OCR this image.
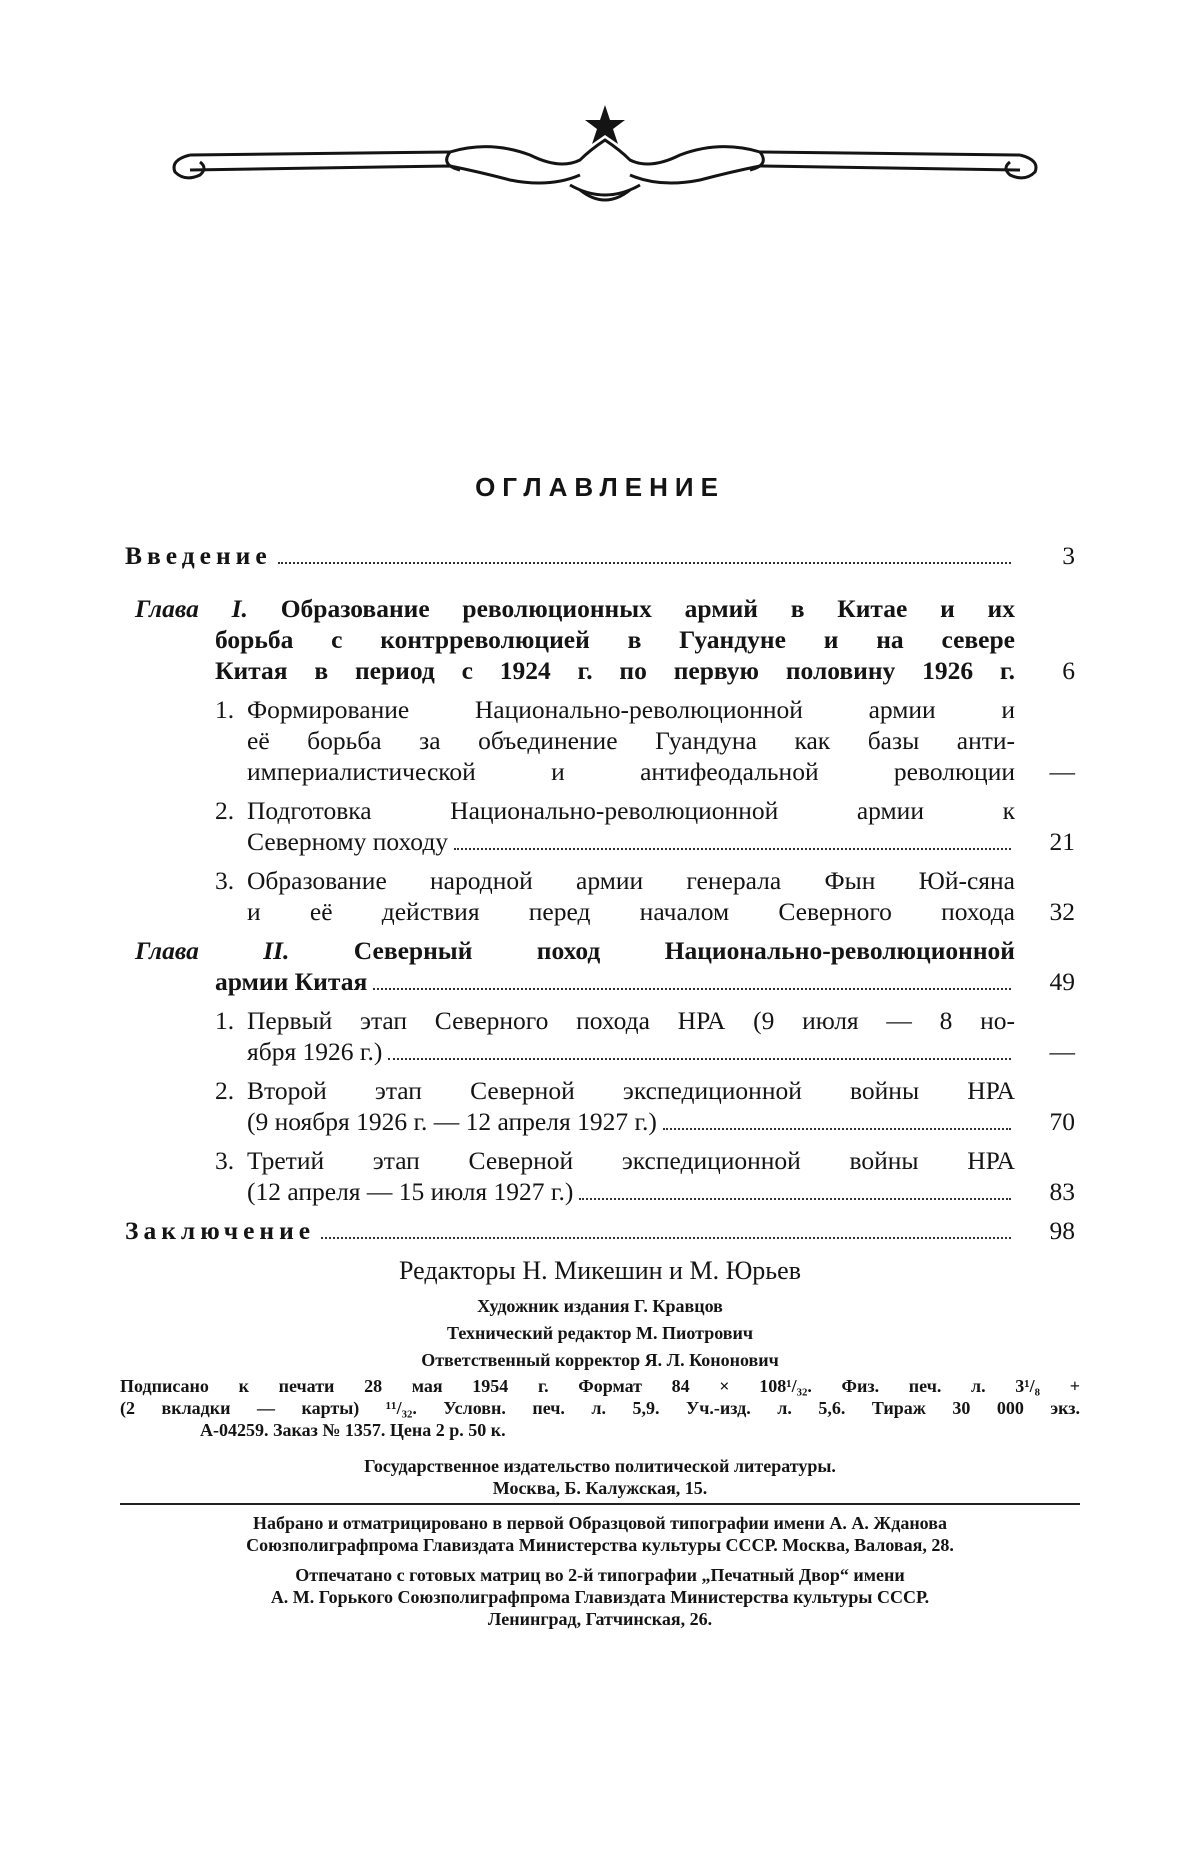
ОГЛАВЛЕНИЕ
Введение	3
Глава I. Образование революционных армий в Китае и их
борьба с контрреволюцией в Гуандуне и на севере
Китая в период с 1924 г. по первую половину 1926 г.	6
1. Формирование Национально-революционной армии и
её борьба за объединение Гуандуна как базы анти-
империалистической и антифеодальной революции	—
2. Подготовка Национально-революционной армии к
Северному походу	21
3. Образование народной армии генерала Фын Юй-сяна
и её действия перед началом Северного похода	32
Глава II.	Северный поход Национально-революционной
армии Китая	49
1. Первый этап Северного похода НРА (9 июля — 8 но-
ября 1926 г.)	—
2. Второй этап Северной экспедиционной войны НРА
(9 ноября 1926 г. — 12 апреля 1927 г.)	70
3. Третий этап Северной экспедиционной войны НРА
(12 апреля — 15 июля 1927 г.)	83
Заключение	98
Редакторы Н. Микешин и М. Юрьев
Художник издания Г. Кравцов
Технический редактор М. Пиотрович
Ответственный корректор Я. Л. Кононович
Подписано к печати 28 мая 1954 г. Формат 84 × 108¹/₃₂. Физ. печ. л. 3¹/₈ +
(2 вкладки — карты) ¹¹/₃₂. Условн. печ. л. 5,9. Уч.-изд. л. 5,6. Тираж 30 000 экз.
А-04259. Заказ № 1357. Цена 2 р. 50 к.
Государственное издательство политической литературы.
Москва, Б. Калужская, 15.
Набрано и отматрицировано в первой Образцовой типографии имени А. А. Жданова
Союзполиграфпрома Главиздата Министерства культуры СССР. Москва, Валовая, 28.
Отпечатано с готовых матриц во 2-й типографии „Печатный Двор“ имени
А. М. Горького Союзполиграфпрома Главиздата Министерства культуры СССР.
Ленинград, Гатчинская, 26.
